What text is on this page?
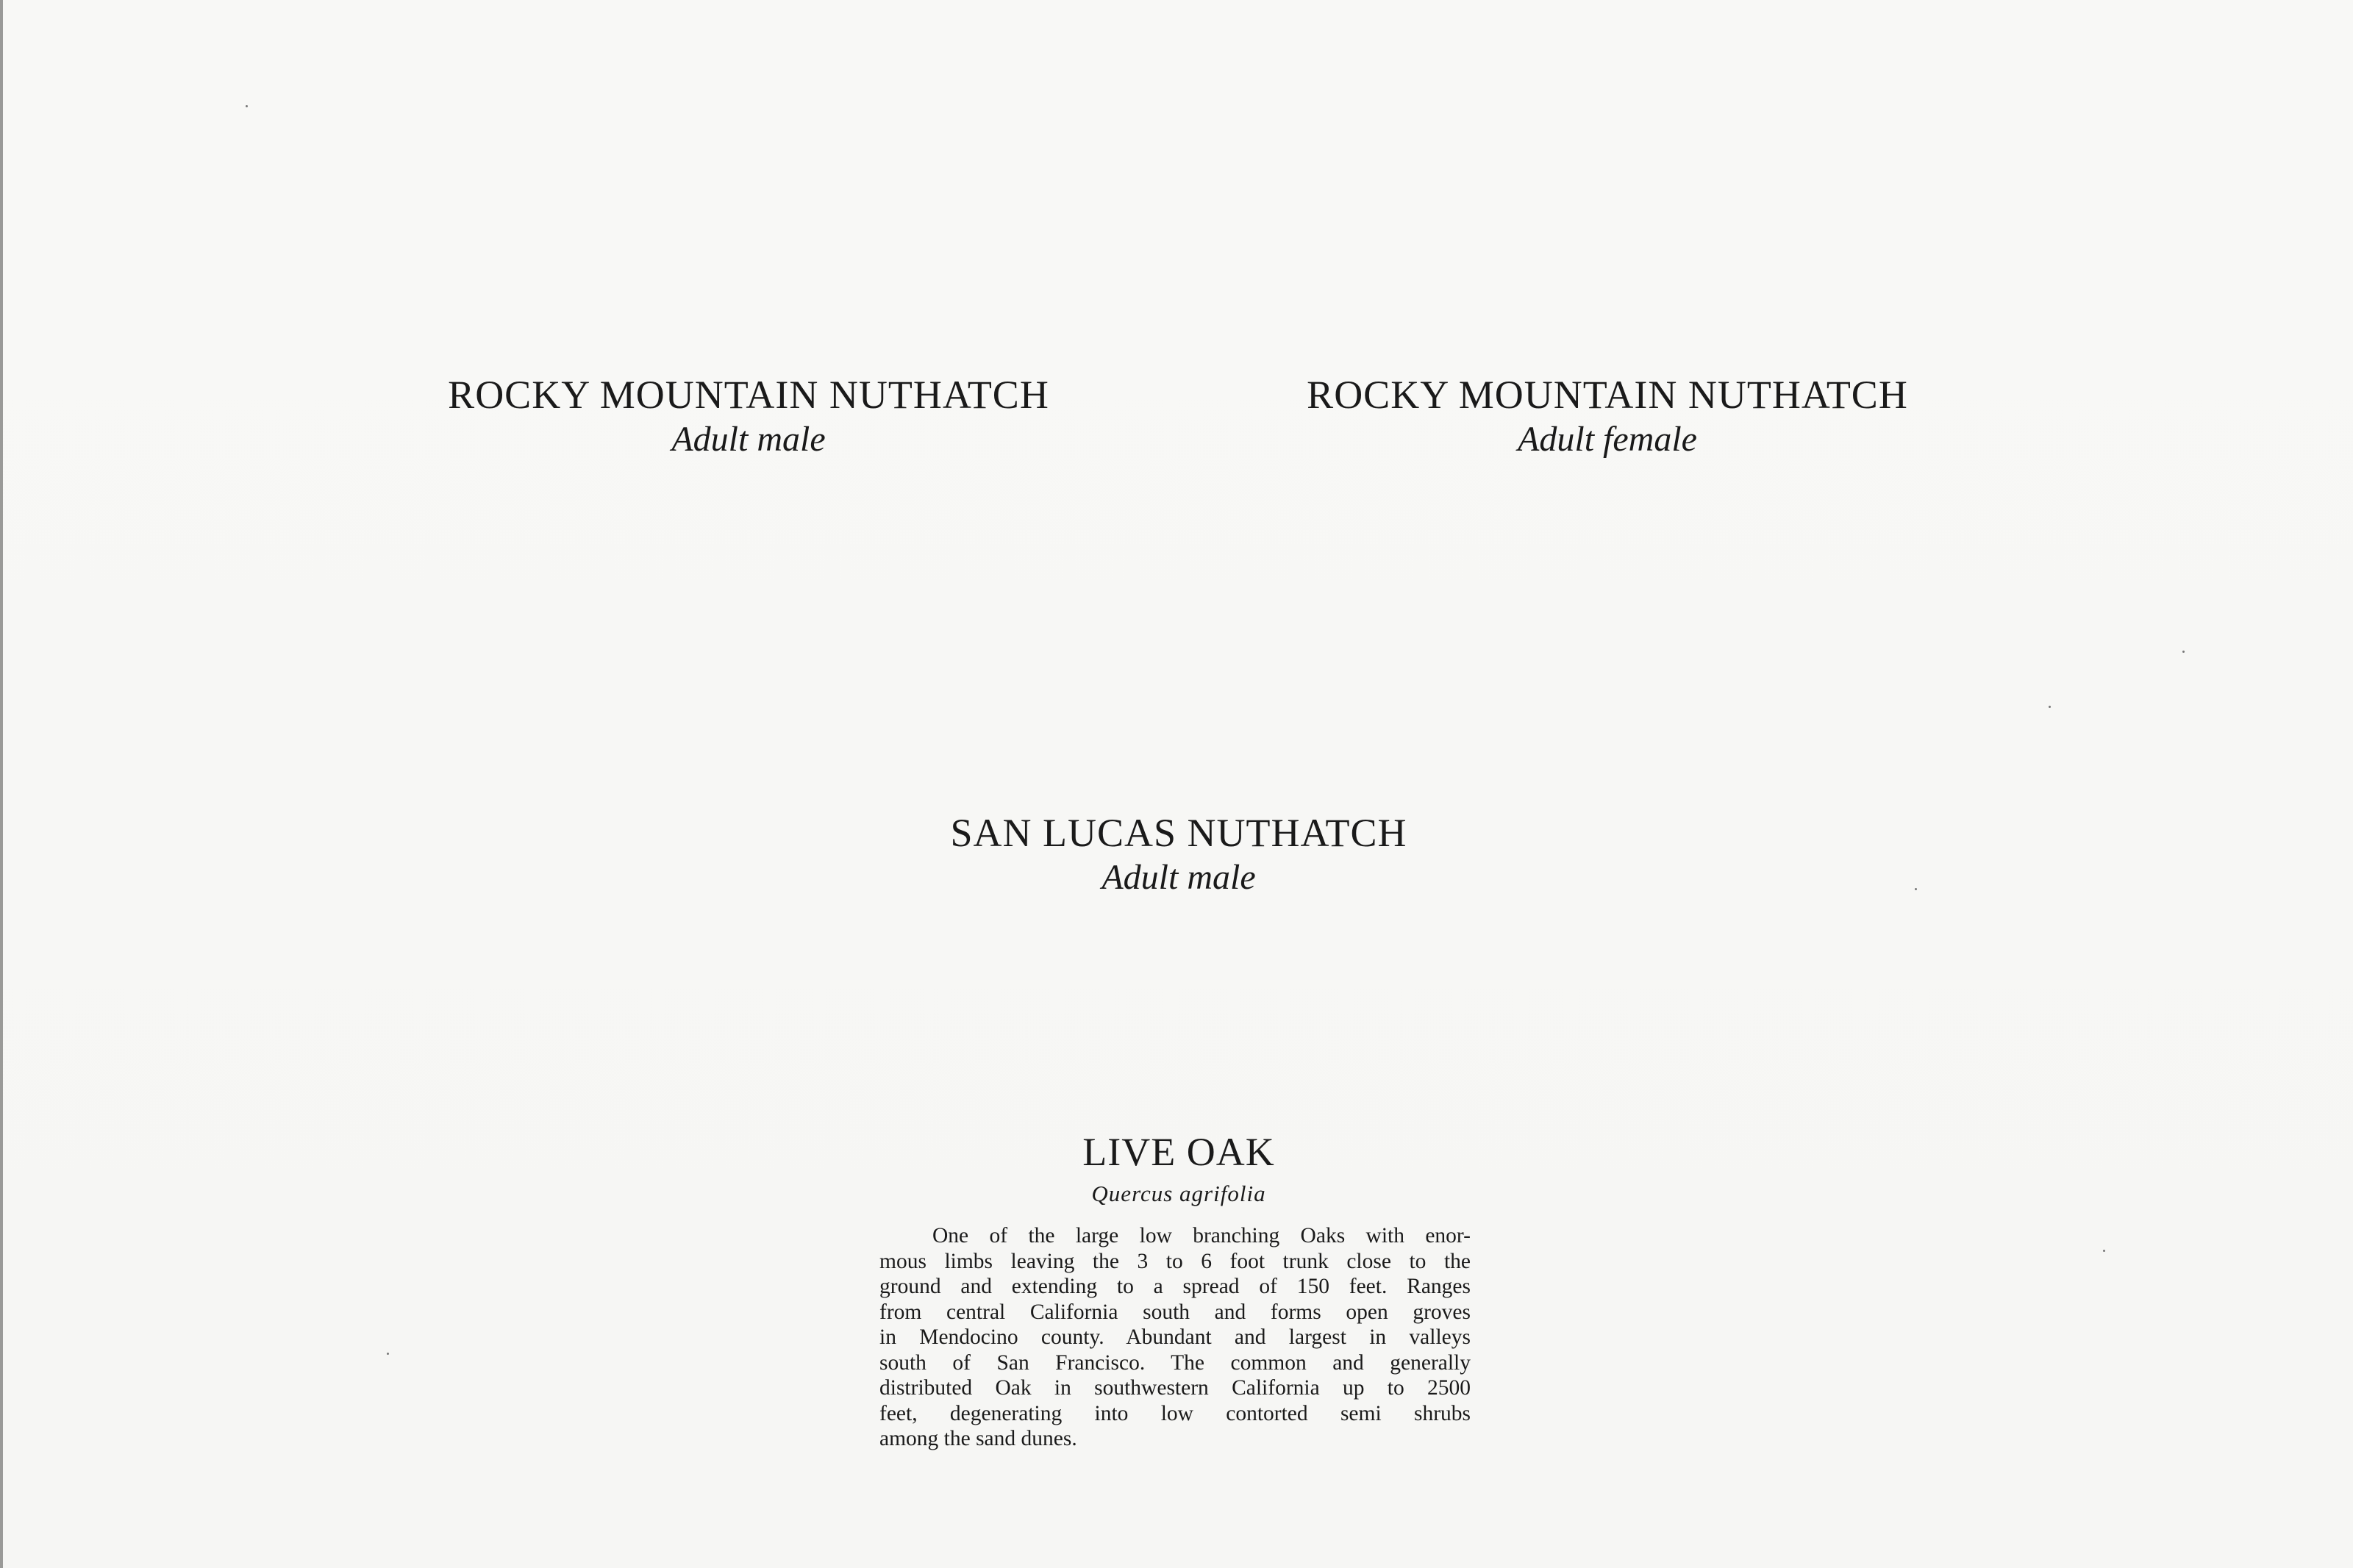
ROCKY MOUNTAIN NUTHATCH
Adult male
ROCKY MOUNTAIN NUTHATCH
Adult female
SAN LUCAS NUTHATCH
Adult male
LIVE OAK
Quercus agrifolia
One of the large low branching Oaks with enor-
mous limbs leaving the 3 to 6 foot trunk close to the
ground and extending to a spread of 150 feet. Ranges
from central California south and forms open groves
in Mendocino county. Abundant and largest in valleys
south of San Francisco. The common and generally
distributed Oak in southwestern California up to 2500
feet, degenerating into low contorted semi shrubs
among the sand dunes.
